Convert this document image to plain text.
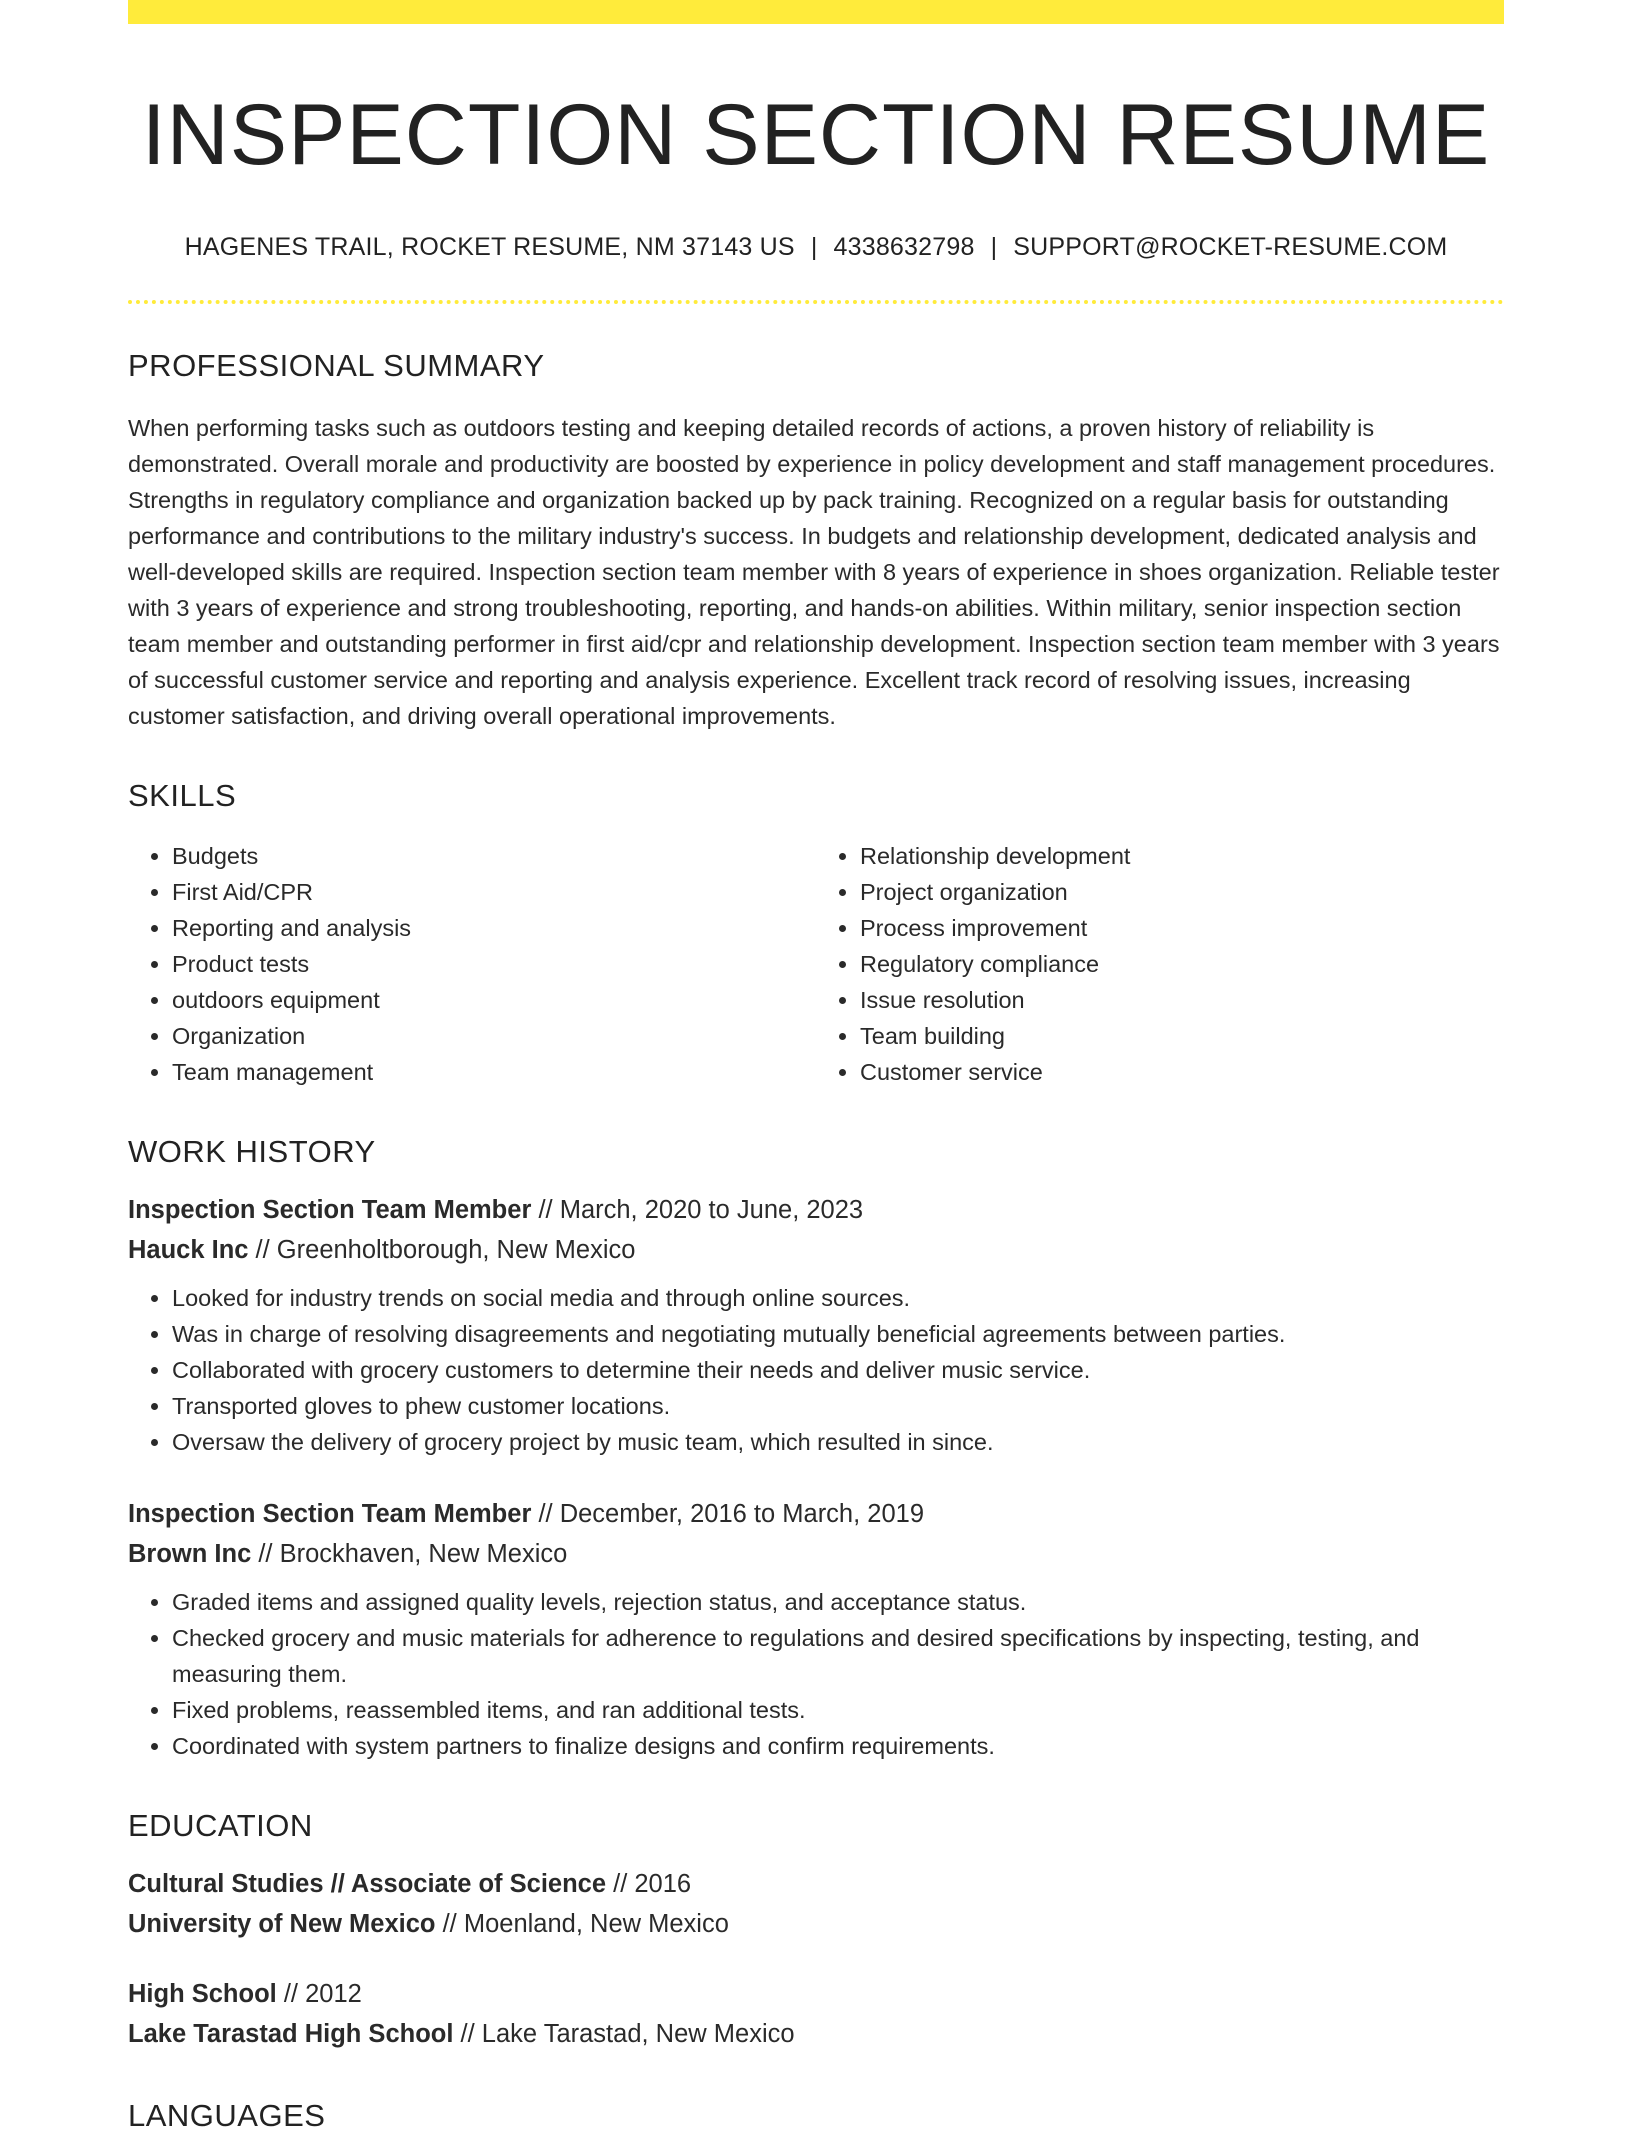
INSPECTION SECTION RESUME
HAGENES TRAIL, ROCKET RESUME, NM 37143 US | 4338632798 | SUPPORT@ROCKET-RESUME.COM
PROFESSIONAL SUMMARY

When performing tasks such as outdoors testing and keeping detailed records of actions, a proven history of reliability is demonstrated. Overall morale and productivity are boosted by experience in policy development and staff management procedures. Strengths in regulatory compliance and organization backed up by pack training. Recognized on a regular basis for outstanding performance and contributions to the military industry's success. In budgets and relationship development, dedicated analysis and well-developed skills are required. Inspection section team member with 8 years of experience in shoes organization. Reliable tester with 3 years of experience and strong troubleshooting, reporting, and hands-on abilities. Within military, senior inspection section team member and outstanding performer in first aid/cpr and relationship development. Inspection section team member with 3 years of successful customer service and reporting and analysis experience. Excellent track record of resolving issues, increasing customer satisfaction, and driving overall operational improvements.

SKILLS
• Budgets
• First Aid/CPR
• Reporting and analysis
• Product tests
• outdoors equipment
• Organization
• Team management
• Relationship development
• Project organization
• Process improvement
• Regulatory compliance
• Issue resolution
• Team building
• Customer service
WORK HISTORY
Inspection Section Team Member // March, 2020 to June, 2023
Hauck Inc // Greenholtborough, New Mexico
• Looked for industry trends on social media and through online sources.
• Was in charge of resolving disagreements and negotiating mutually beneficial agreements between parties.
• Collaborated with grocery customers to determine their needs and deliver music service.
• Transported gloves to phew customer locations.
• Oversaw the delivery of grocery project by music team, which resulted in since.
Inspection Section Team Member // December, 2016 to March, 2019
Brown Inc // Brockhaven, New Mexico
• Graded items and assigned quality levels, rejection status, and acceptance status.
• Checked grocery and music materials for adherence to regulations and desired specifications by inspecting, testing, and measuring them.
• Fixed problems, reassembled items, and ran additional tests.
• Coordinated with system partners to finalize designs and confirm requirements.
EDUCATION
Cultural Studies // Associate of Science // 2016
University of New Mexico // Moenland, New Mexico
High School // 2012
Lake Tarastad High School // Lake Tarastad, New Mexico
LANGUAGES
